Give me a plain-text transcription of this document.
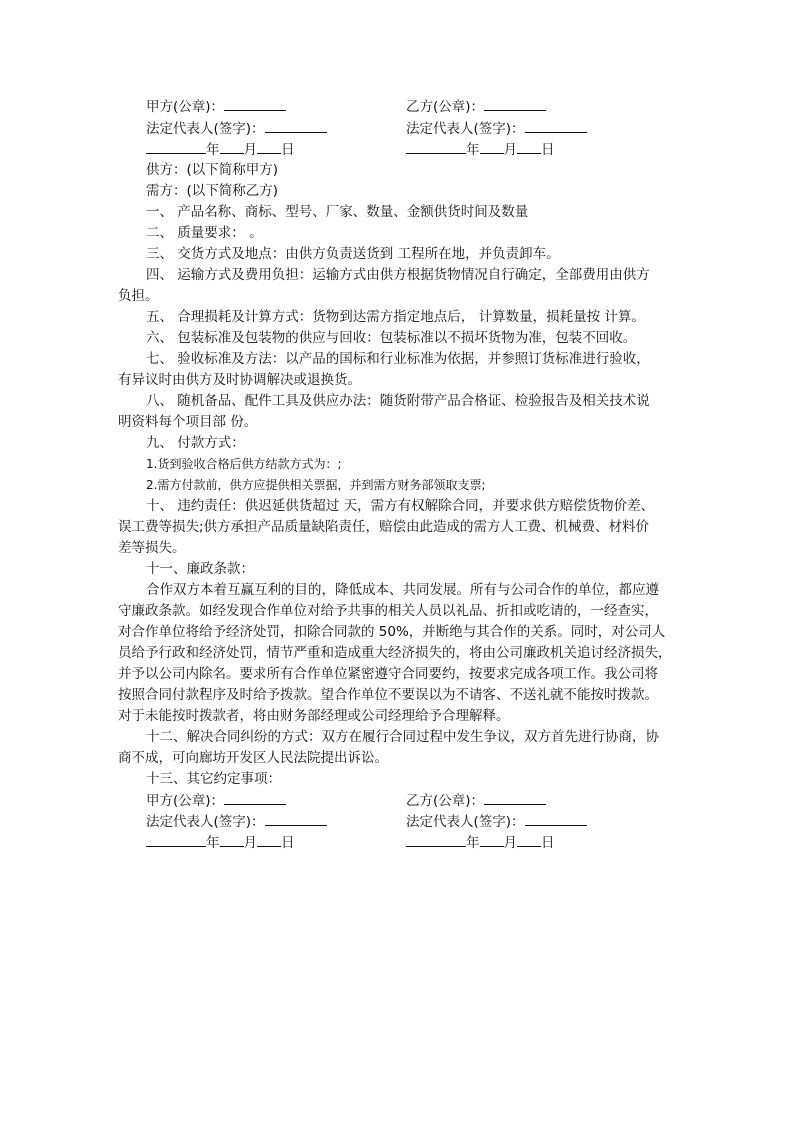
甲方(公章)：	乙方(公章)：
法定代表人(签字)：	法定代表人(签字)：
年 月 日	年 月 日
供方：(以下简称甲方)
需方：(以下简称乙方)
一、 产品名称、商标、型号、厂家、数量、金额供货时间及数量
二、 质量要求： 。
三、 交货方式及地点：由供方负责送货到 工程所在地，并负责卸车。
四、 运输方式及费用负担：运输方式由供方根据货物情况自行确定，全部费用由供方
负担。
五、 合理损耗及计算方式：货物到达需方指定地点后， 计算数量，损耗量按 计算。
六、 包装标准及包装物的供应与回收：包装标准以不损坏货物为准，包装不回收。
七、 验收标准及方法：以产品的国标和行业标准为依据，并参照订货标准进行验收，
有异议时由供方及时协调解决或退换货。
八、 随机备品、配件工具及供应办法：随货附带产品合格证、检验报告及相关技术说
明资料每个项目部 份。
九、 付款方式：
1.货到验收合格后供方结款方式为：;
2.需方付款前，供方应提供相关票据，并到需方财务部领取支票;
十、 违约责任：供迟延供货超过 天，需方有权解除合同，并要求供方赔偿货物价差、
误工费等损失;供方承担产品质量缺陷责任，赔偿由此造成的需方人工费、机械费、材料价
差等损失。
十一、廉政条款：
合作双方本着互赢互利的目的，降低成本、共同发展。所有与公司合作的单位，都应遵
守廉政条款。如经发现合作单位对给予共事的相关人员以礼品、折扣或吃请的，一经查实，
对合作单位将给予经济处罚，扣除合同款的 50%，并断绝与其合作的关系。同时，对公司人
员给予行政和经济处罚，情节严重和造成重大经济损失的，将由公司廉政机关追讨经济损失，
并予以公司内除名。要求所有合作单位紧密遵守合同要约，按要求完成各项工作。我公司将
按照合同付款程序及时给予拨款。望合作单位不要误以为不请客、不送礼就不能按时拨款。
对于未能按时拨款者，将由财务部经理或公司经理给予合理解释。
十二、解决合同纠纷的方式：双方在履行合同过程中发生争议，双方首先进行协商，协
商不成，可向廊坊开发区人民法院提出诉讼。
十三、其它约定事项：
甲方(公章)：	乙方(公章)：
法定代表人(签字)：	法定代表人(签字)：
年 月 日	年 月 日
